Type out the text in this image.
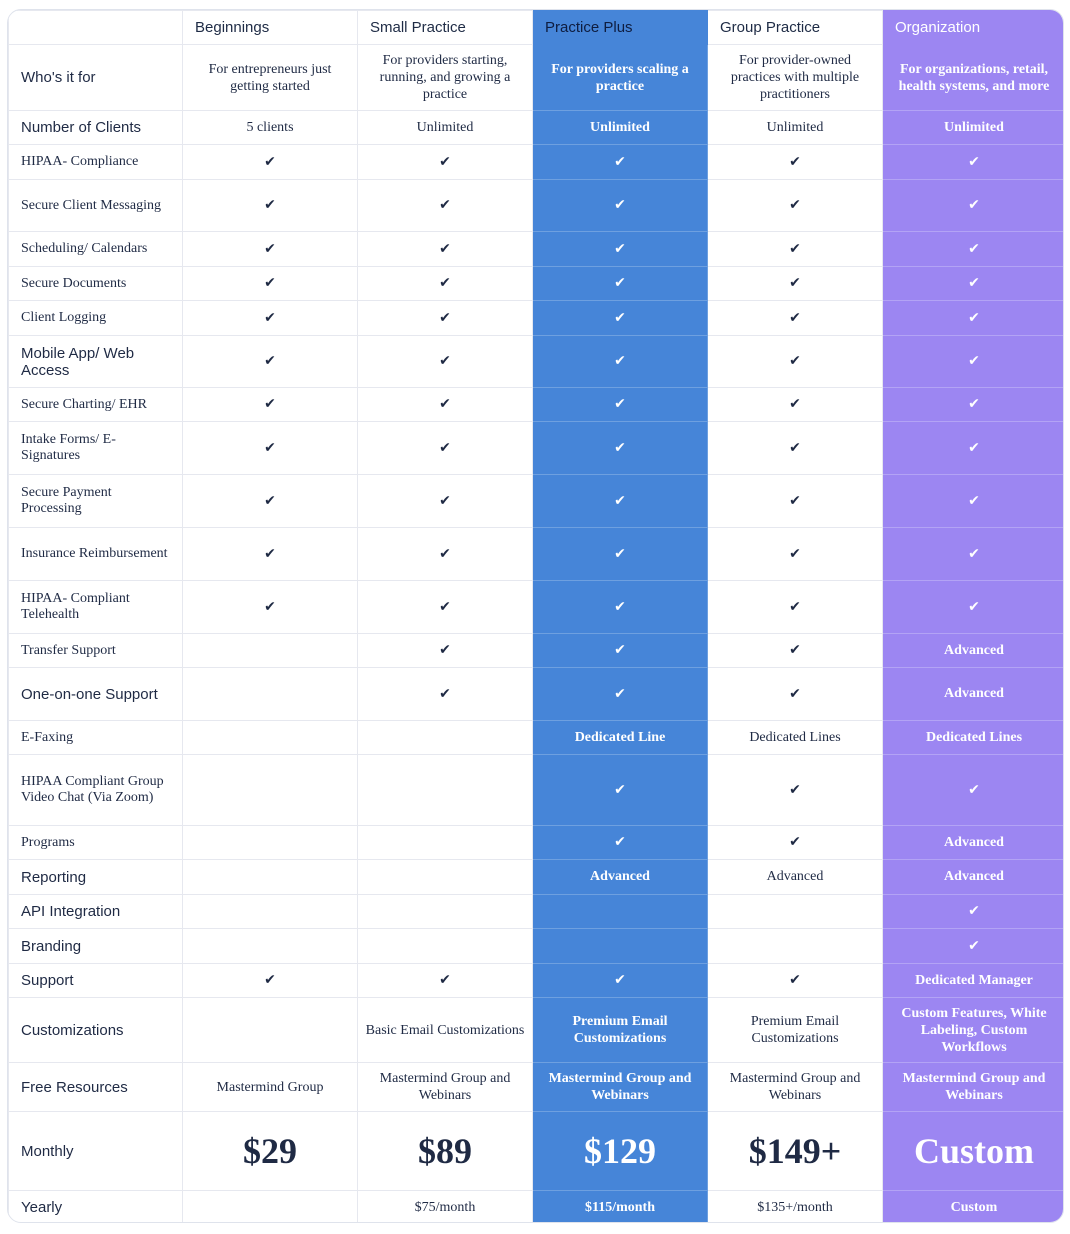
	Beginnings	Small Practice	Practice Plus	Group Practice	Organization
Who's it for	For entrepreneurs just getting started	For providers starting, running, and growing a practice	For providers scaling a practice	For provider-owned practices with multiple practitioners	For organizations, retail, health systems, and more
Number of Clients	5 clients	Unlimited	Unlimited	Unlimited	Unlimited
HIPAA- Compliance	✔	✔	✔	✔	✔
Secure Client Messaging	✔	✔	✔	✔	✔
Scheduling/ Calendars	✔	✔	✔	✔	✔
Secure Documents	✔	✔	✔	✔	✔
Client Logging	✔	✔	✔	✔	✔
Mobile App/ Web Access	✔	✔	✔	✔	✔
Secure Charting/ EHR	✔	✔	✔	✔	✔
Intake Forms/ E-Signatures	✔	✔	✔	✔	✔
Secure Payment Processing	✔	✔	✔	✔	✔
Insurance Reimbursement	✔	✔	✔	✔	✔
HIPAA- Compliant Telehealth	✔	✔	✔	✔	✔
Transfer Support		✔	✔	✔	Advanced
One-on-one Support		✔	✔	✔	Advanced
E-Faxing			Dedicated Line	Dedicated Lines	Dedicated Lines
HIPAA Compliant Group Video Chat (Via Zoom)			✔	✔	✔
Programs			✔	✔	Advanced
Reporting			Advanced	Advanced	Advanced
API Integration					✔
Branding					✔
Support	✔	✔	✔	✔	Dedicated Manager
Customizations		Basic Email Customizations	Premium Email Customizations	Premium Email Customizations	Custom Features, White Labeling, Custom Workflows
Free Resources	Mastermind Group	Mastermind Group and Webinars	Mastermind Group and Webinars	Mastermind Group and Webinars	Mastermind Group and Webinars
Monthly	$29	$89	$129	$149+	Custom
Yearly		$75/month	$115/month	$135+/month	Custom
